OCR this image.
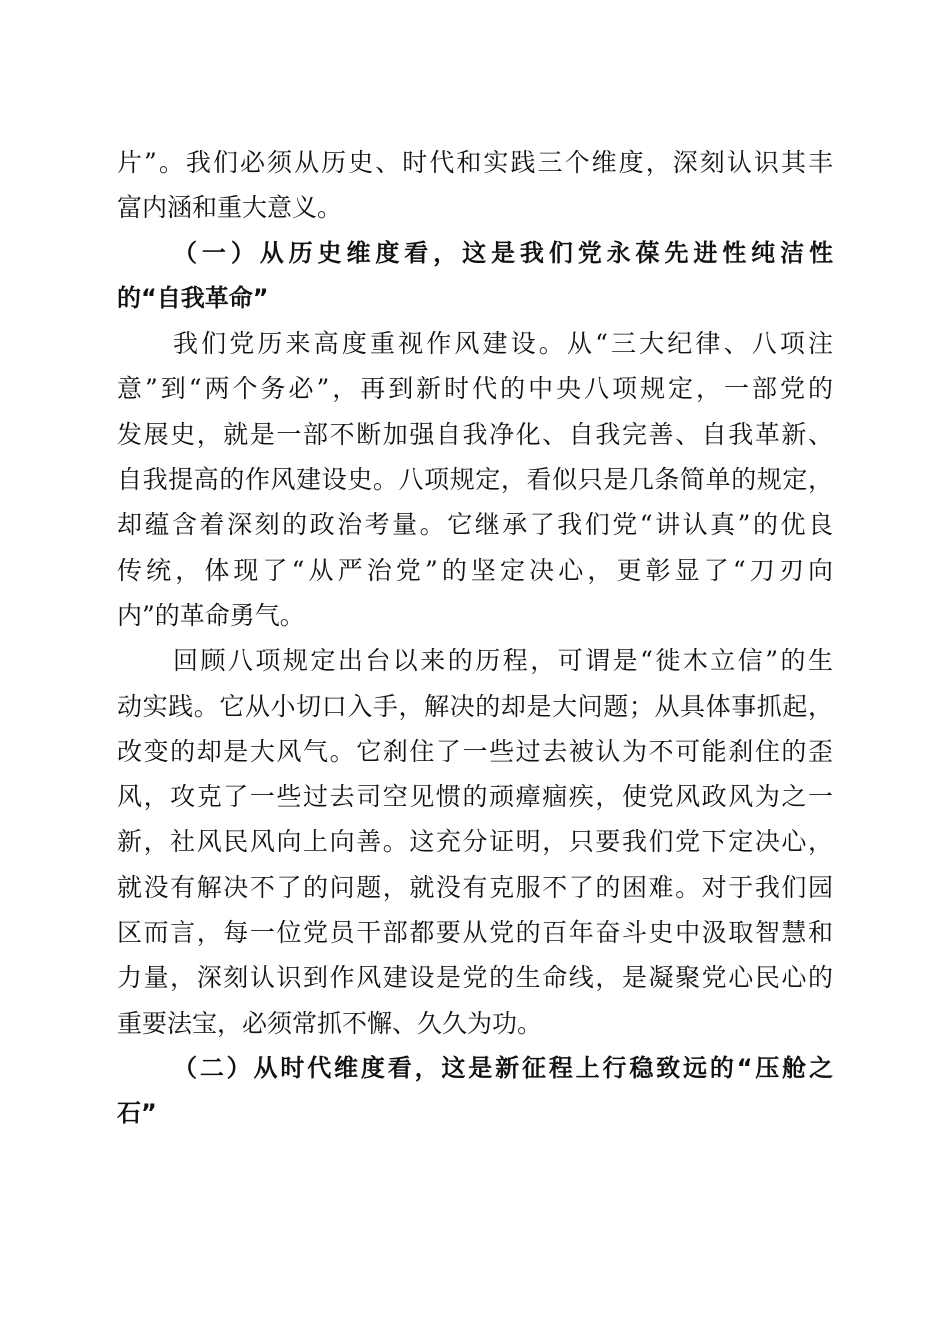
片”。我们必须从历史、时代和实践三个维度，深刻认识其丰
富内涵和重大意义。
（一）从历史维度看，这是我们党永葆先进性纯洁性
的“自我革命”
我们党历来高度重视作风建设。从“三大纪律、八项注
意”到“两个务必”，再到新时代的中央八项规定，一部党的
发展史，就是一部不断加强自我净化、自我完善、自我革新、
自我提高的作风建设史。八项规定，看似只是几条简单的规定，
却蕴含着深刻的政治考量。它继承了我们党“讲认真”的优良
传统，体现了“从严治党”的坚定决心，更彰显了“刀刃向
内”的革命勇气。
回顾八项规定出台以来的历程，可谓是“徙木立信”的生
动实践。它从小切口入手，解决的却是大问题；从具体事抓起，
改变的却是大风气。它刹住了一些过去被认为不可能刹住的歪
风，攻克了一些过去司空见惯的顽瘴痼疾，使党风政风为之一
新，社风民风向上向善。这充分证明，只要我们党下定决心，
就没有解决不了的问题，就没有克服不了的困难。对于我们园
区而言，每一位党员干部都要从党的百年奋斗史中汲取智慧和
力量，深刻认识到作风建设是党的生命线，是凝聚党心民心的
重要法宝，必须常抓不懈、久久为功。
（二）从时代维度看，这是新征程上行稳致远的“压舱之
石”
